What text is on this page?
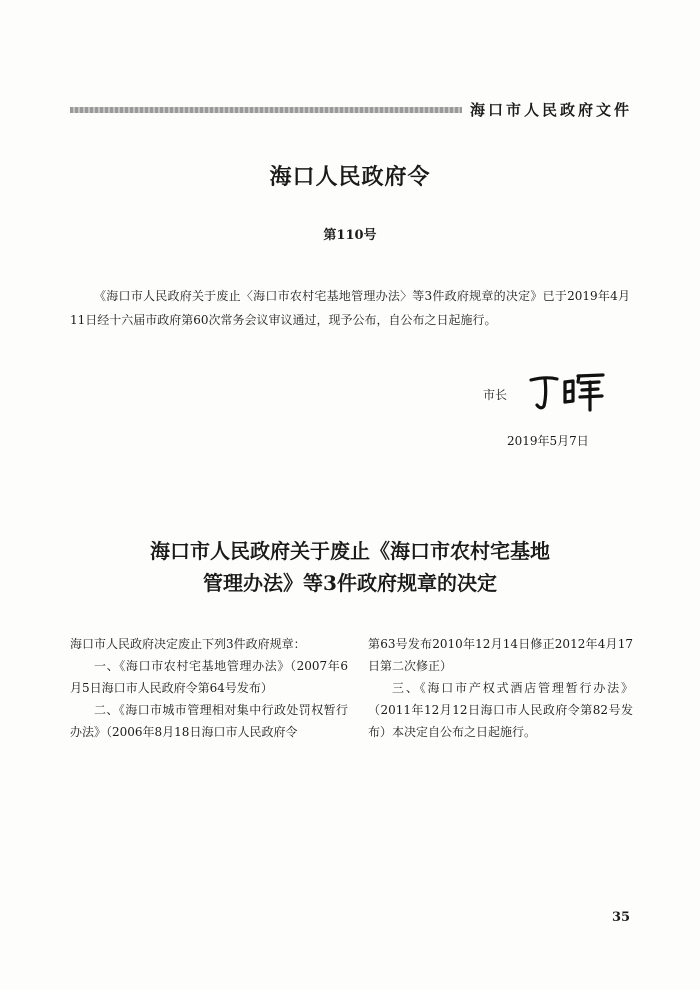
海口市人民政府文件
海口人民政府令
第110号

《海口市人民政府关于废止〈海口市农村宅基地管理办法〉等3件政府规章的决定》已于2019年4月11日经十六届市政府第60次常务会议审议通过，现予公布，自公布之日起施行。

市长
2019年5月7日
海口市人民政府关于废止《海口市农村宅基地
管理办法》等3件政府规章的决定

海口市人民政府决定废止下列3件政府规章：

一、《海口市农村宅基地管理办法》（2007年6月5日海口市人民政府令第64号发布）

二、《海口市城市管理相对集中行政处罚权暂行办法》（2006年8月18日海口市人民政府令

第63号发布2010年12月14日修正2012年4月17日第二次修正）

三、《海口市产权式酒店管理暂行办法》（2011年12月12日海口市人民政府令第82号发布）本决定自公布之日起施行。

35
